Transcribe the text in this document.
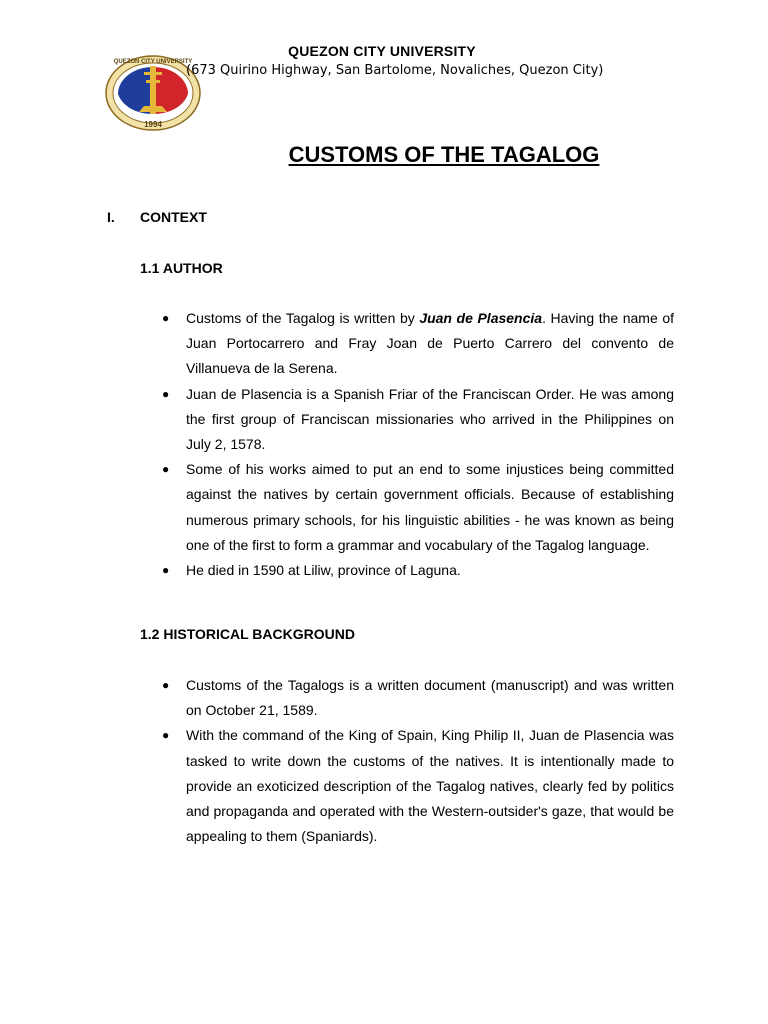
QUEZON CITY UNIVERSITY
1994
QUEZON CITY UNIVERSITY
(673 Quirino Highway, San Bartolome, Novaliches, Quezon City)
CUSTOMS OF THE TAGALOG
I. CONTEXT
1.1 AUTHOR
● Customs of the Tagalog is written by Juan de Plasencia. Having the name of Juan Portocarrero and Fray Joan de Puerto Carrero del convento de Villanueva de la Serena.
● Juan de Plasencia is a Spanish Friar of the Franciscan Order. He was among the first group of Franciscan missionaries who arrived in the Philippines on July 2, 1578.
● Some of his works aimed to put an end to some injustices being committed against the natives by certain government officials. Because of establishing numerous primary schools, for his linguistic abilities - he was known as being one of the first to form a grammar and vocabulary of the Tagalog language.
● He died in 1590 at Liliw, province of Laguna.
1.2 HISTORICAL BACKGROUND
● Customs of the Tagalogs is a written document (manuscript) and was written on October 21, 1589.
● With the command of the King of Spain, King Philip II, Juan de Plasencia was tasked to write down the customs of the natives. It is intentionally made to provide an exoticized description of the Tagalog natives, clearly fed by politics and propaganda and operated with the Western-outsider's gaze, that would be appealing to them (Spaniards).
